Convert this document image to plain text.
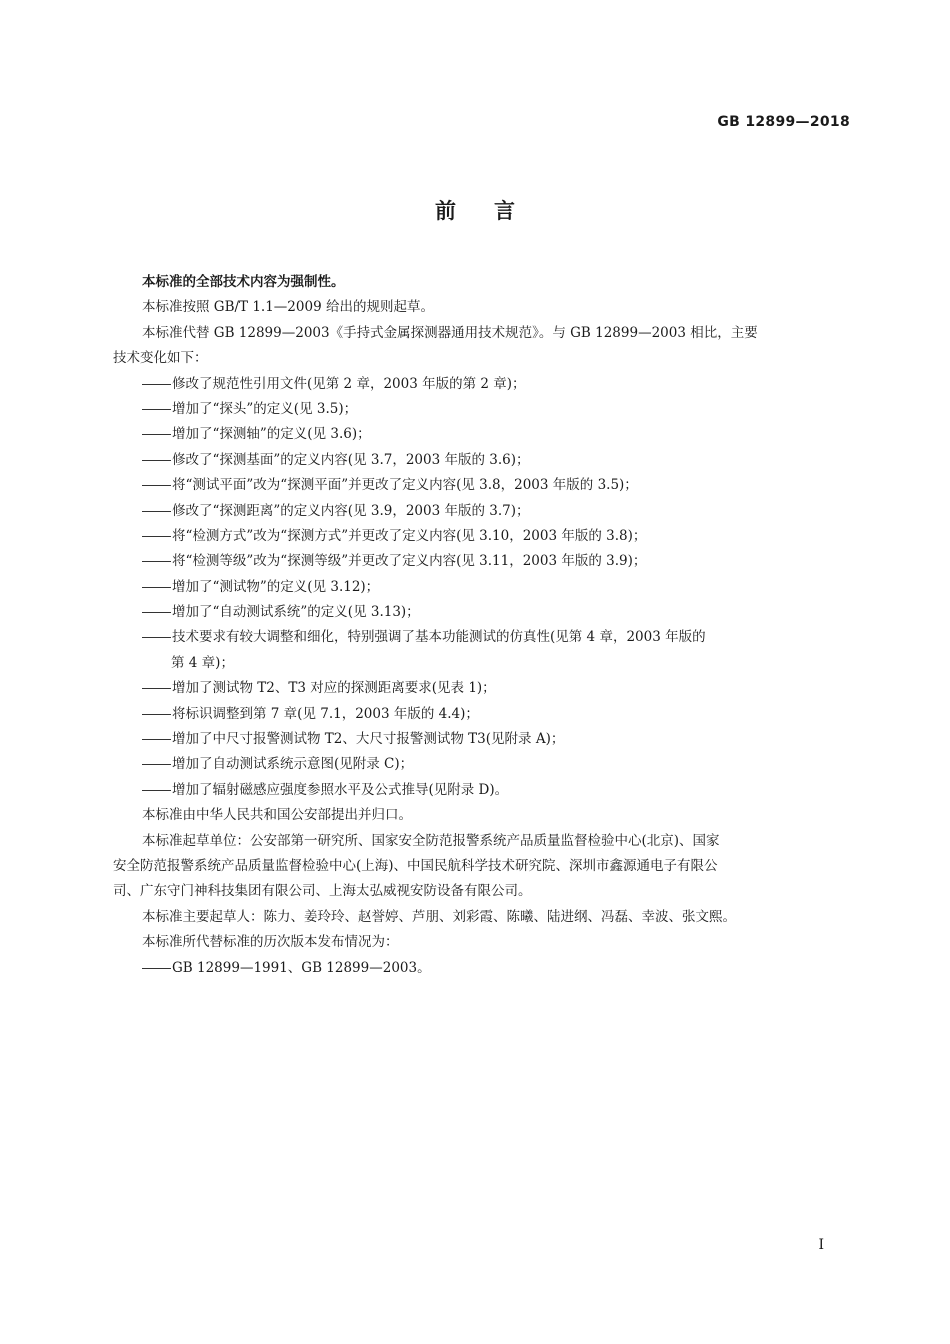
GB 12899—2018
前言
本标准的全部技术内容为强制性。
本标准按照 GB/T 1.1—2009 给出的规则起草。
本标准代替 GB 12899—2003《手持式金属探测器通用技术规范》。与 GB 12899—2003 相比，主要
技术变化如下：
修改了规范性引用文件(见第 2 章，2003 年版的第 2 章)；
增加了“探头”的定义(见 3.5)；
增加了“探测轴”的定义(见 3.6)；
修改了“探测基面”的定义内容(见 3.7，2003 年版的 3.6)；
将“测试平面”改为“探测平面”并更改了定义内容(见 3.8，2003 年版的 3.5)；
修改了“探测距离”的定义内容(见 3.9，2003 年版的 3.7)；
将“检测方式”改为“探测方式”并更改了定义内容(见 3.10，2003 年版的 3.8)；
将“检测等级”改为“探测等级”并更改了定义内容(见 3.11，2003 年版的 3.9)；
增加了“测试物”的定义(见 3.12)；
增加了“自动测试系统”的定义(见 3.13)；
技术要求有较大调整和细化，特别强调了基本功能测试的仿真性(见第 4 章，2003 年版的
第 4 章)；
增加了测试物 T2、T3 对应的探测距离要求(见表 1)；
将标识调整到第 7 章(见 7.1，2003 年版的 4.4)；
增加了中尺寸报警测试物 T2、大尺寸报警测试物 T3(见附录 A)；
增加了自动测试系统示意图(见附录 C)；
增加了辐射磁感应强度参照水平及公式推导(见附录 D)。
本标准由中华人民共和国公安部提出并归口。
本标准起草单位：公安部第一研究所、国家安全防范报警系统产品质量监督检验中心(北京)、国家
安全防范报警系统产品质量监督检验中心(上海)、中国民航科学技术研究院、深圳市鑫源通电子有限公
司、广东守门神科技集团有限公司、上海太弘威视安防设备有限公司。
本标准主要起草人：陈力、姜玲玲、赵誉婷、芦朋、刘彩霞、陈曦、陆进纲、冯磊、幸波、张文熙。
本标准所代替标准的历次版本发布情况为：
GB 12899—1991、GB 12899—2003。
I
